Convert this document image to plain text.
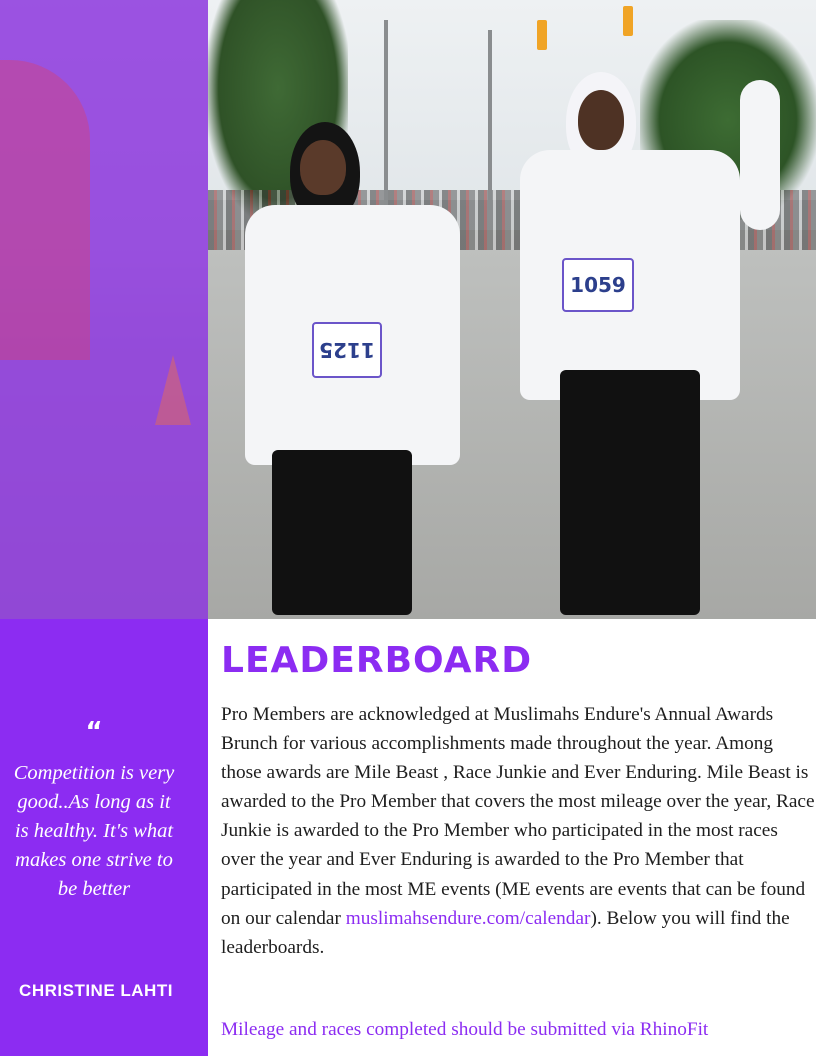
1125
1059
“
Competition is very good..As long as it is healthy. It's what makes one strive to be better
CHRISTINE LAHTI
LEADERBOARD

Pro Members are acknowledged at Muslimahs Endure's Annual Awards Brunch for various accomplishments made throughout the year. Among those awards are Mile Beast , Race Junkie and Ever Enduring. Mile Beast is awarded to the Pro Member that covers the most mileage over the year, Race Junkie is awarded to the Pro Member who participated in the most races over the year and Ever Enduring is awarded to the Pro Member that participated in the most ME events (ME events are events that can be found on our calendar muslimahsendure.com/calendar). Below you will find the leaderboards.

Mileage and races completed should be submitted via RhinoFit
